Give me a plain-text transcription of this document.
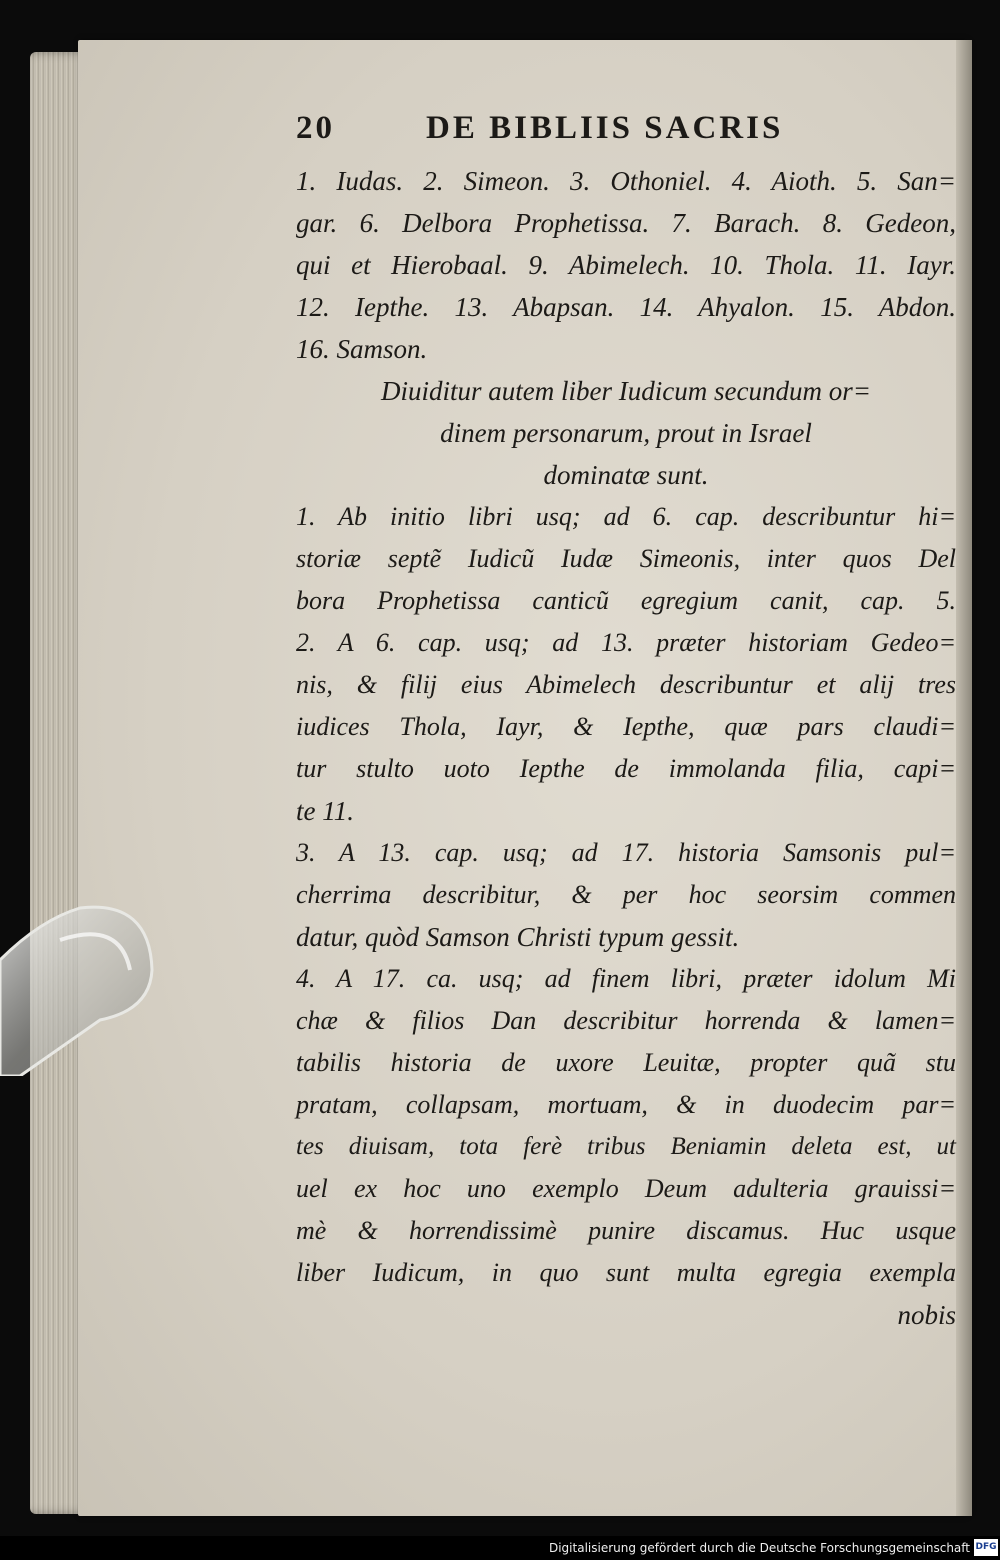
20	DE BIBLIIS SACRIS
1. Iudas. 2. Simeon. 3. Othoniel. 4. Aioth. 5. San=
gar. 6. Delbora Prophetissa. 7. Barach. 8. Gedeon,
qui et Hierobaal. 9. Abimelech. 10. Thola. 11. Iayr.
12. Iepthe. 13. Abapsan. 14. Ahyalon. 15. Abdon.
16. Samson.
Diuiditur autem liber Iudicum secundum or=
dinem personarum, prout in Israel
dominatæ sunt.
1. Ab initio libri usq; ad 6. cap. describuntur hi=
storiæ septẽ Iudicũ Iudæ Simeonis, inter quos Del
bora Prophetissa canticũ egregium canit, cap. 5.
2. A 6. cap. usq; ad 13. præter historiam Gedeo=
nis, & filij eius Abimelech describuntur et alij tres
iudices Thola, Iayr, & Iepthe, quæ pars claudi=
tur stulto uoto Iepthe de immolanda filia, capi=
te 11.
3. A 13. cap. usq; ad 17. historia Samsonis pul=
cherrima describitur, & per hoc seorsim commen
datur, quòd Samson Christi typum gessit.
4. A 17. ca. usq; ad finem libri, præter idolum Mi
chæ & filios Dan describitur horrenda & lamen=
tabilis historia de uxore Leuitæ, propter quã stu
pratam, collapsam, mortuam, & in duodecim par=
tes diuisam, tota ferè tribus Beniamin deleta est, ut
uel ex hoc uno exemplo Deum adulteria grauissi=
mè & horrendissimè punire discamus. Huc usque
liber Iudicum, in quo sunt multa egregia exempla
nobis
Digitalisierung gefördert durch die Deutsche Forschungsgemeinschaft DFG
